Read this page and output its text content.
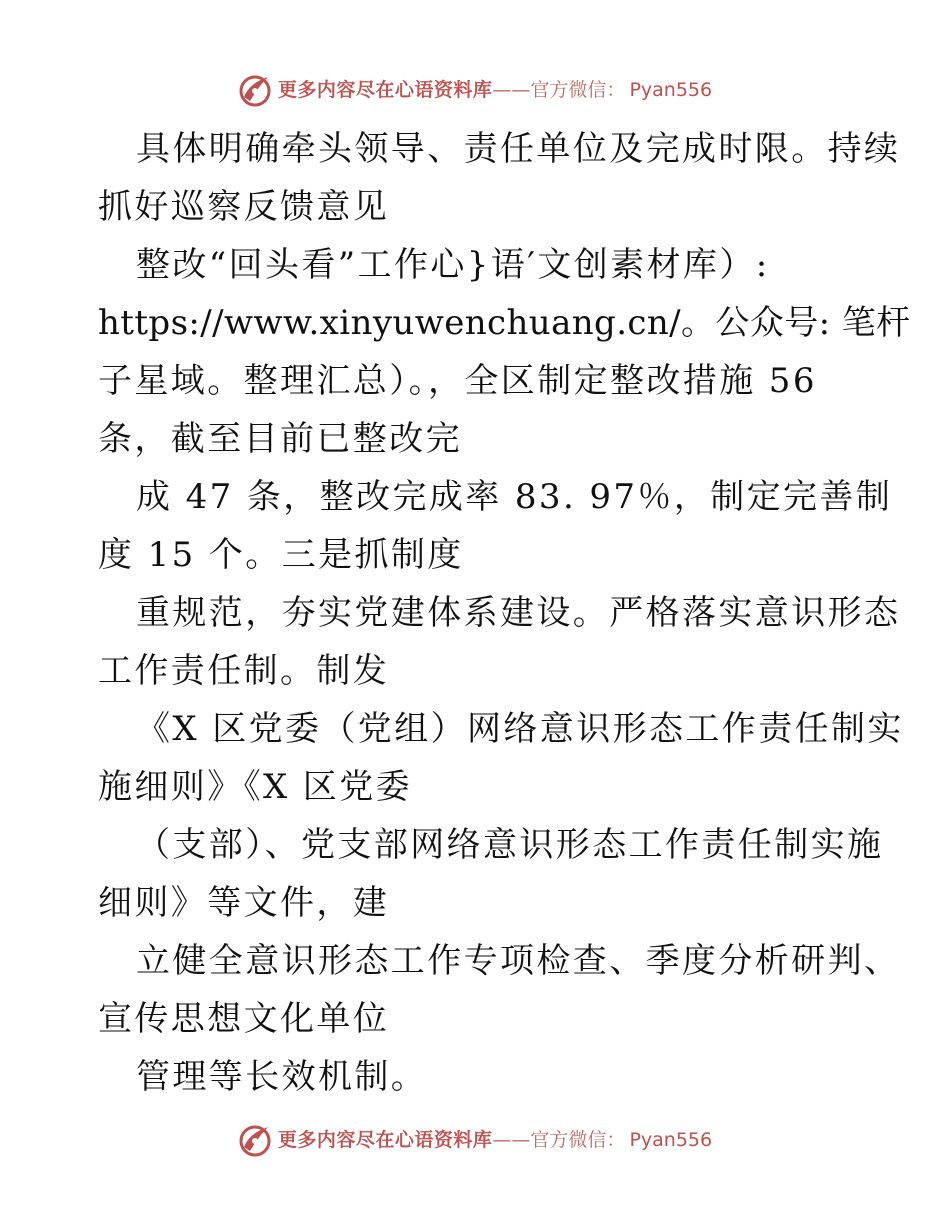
更多内容尽在心语资料库 —— 官方微信： Pyan556
具体明确牵头领导、责任单位及完成时限。持续
抓好巡察反馈意见
整改“回头看”工作心}语′文创素材库）:
https://www.xinyuwenchuang.cn/。公众号: 笔杆
子星域。整理汇总）。，全区制定整改措施 56
条，截至目前已整改完
成 47 条，整改完成率 83. 97％，制定完善制
度 15 个。三是抓制度
重规范，夯实党建体系建设。严格落实意识形态
工作责任制。制发
《X 区党委（党组）网络意识形态工作责任制实
施细则》《X 区党委
（支部）、党支部网络意识形态工作责任制实施
细则》等文件，建
立健全意识形态工作专项检查、季度分析研判、
宣传思想文化单位
管理等长效机制。
更多内容尽在心语资料库 —— 官方微信： Pyan556
